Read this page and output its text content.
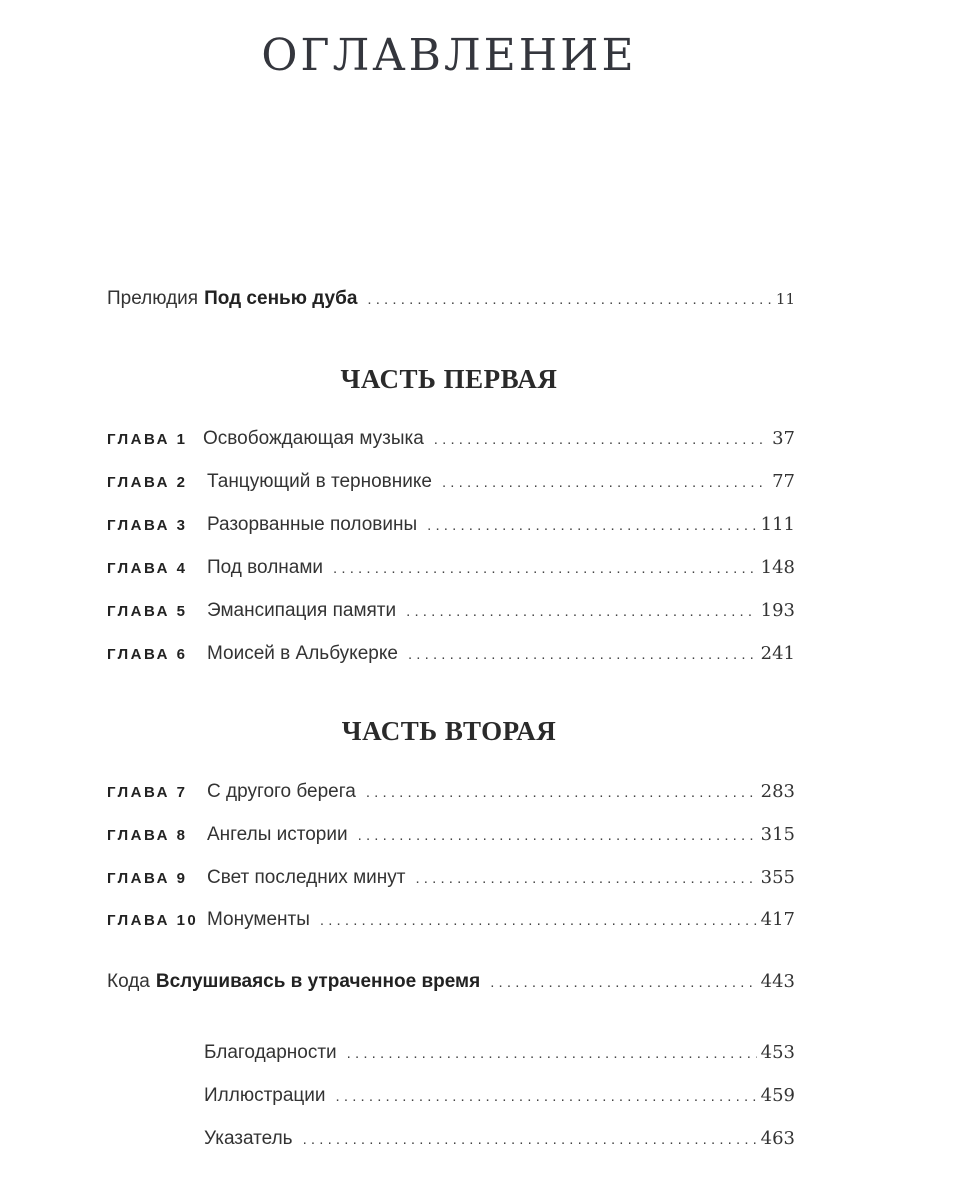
ОГЛАВЛЕНИЕ
Прелюдия Под сенью дуба . . .	11
ЧАСТЬ ПЕРВАЯ
ГЛАВА 1 Освобождающая музыка . . .	37
ГЛАВА 2	Танцующий в терновнике . . .	77
ГЛАВА 3	Разорванные половины . . .	111
ГЛАВА 4	Под волнами . . .	148
ГЛАВА 5	Эмансипация памяти . . .	193
ГЛАВА 6	Моисей в Альбукерке . . .	241
ЧАСТЬ ВТОРАЯ
ГЛАВА 7	С другого берега . . .	283
ГЛАВА 8	Ангелы истории . . .	315
ГЛАВА 9	Свет последних минут . . .	355
ГЛАВА 10 Монументы . . .	417
Кода Вслушиваясь в утраченное время . . .	443
Благодарности . . .	453
Иллюстрации . . .	459
Указатель . . .	463
